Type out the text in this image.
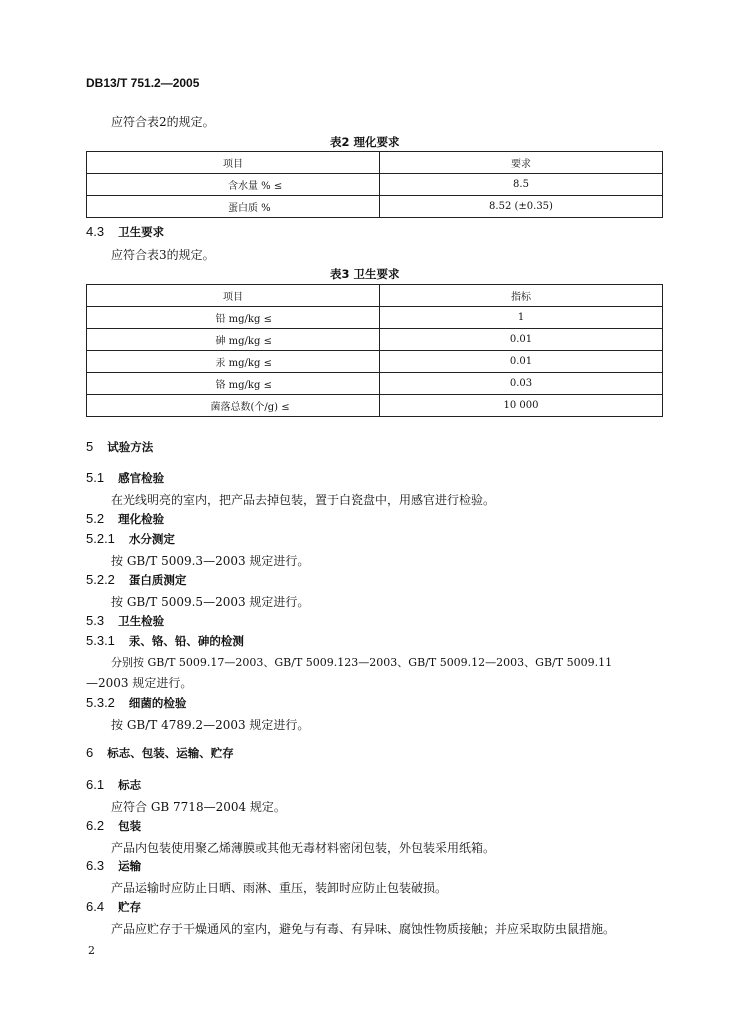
DB13/T 751.2—2005
应符合表2的规定。
表2 理化要求
项目	要求
含水量 % ≤	8.5
蛋白质 %	8.52 (±0.35)
4.3 卫生要求
应符合表3的规定。
表3 卫生要求
项目	指标
铅 mg/kg ≤	1
砷 mg/kg ≤	0.01
汞 mg/kg ≤	0.01
铬 mg/kg ≤	0.03
菌落总数(个/g) ≤	10 000
5 试验方法
5.1 感官检验
在光线明亮的室内，把产品去掉包装，置于白瓷盘中，用感官进行检验。
5.2 理化检验
5.2.1 水分测定
按 GB/T 5009.3—2003 规定进行。
5.2.2 蛋白质测定
按 GB/T 5009.5—2003 规定进行。
5.3 卫生检验
5.3.1 汞、铬、铅、砷的检测
分别按 GB/T 5009.17—2003、GB/T 5009.123—2003、GB/T 5009.12—2003、GB/T 5009.11
—2003 规定进行。
5.3.2 细菌的检验
按 GB/T 4789.2—2003 规定进行。
6 标志、包装、运输、贮存
6.1 标志
应符合 GB 7718—2004 规定。
6.2 包装
产品内包装使用聚乙烯薄膜或其他无毒材料密闭包装，外包装采用纸箱。
6.3 运输
产品运输时应防止日晒、雨淋、重压，装卸时应防止包装破损。
6.4 贮存
产品应贮存于干燥通风的室内，避免与有毒、有异味、腐蚀性物质接触；并应采取防虫鼠措施。
2
